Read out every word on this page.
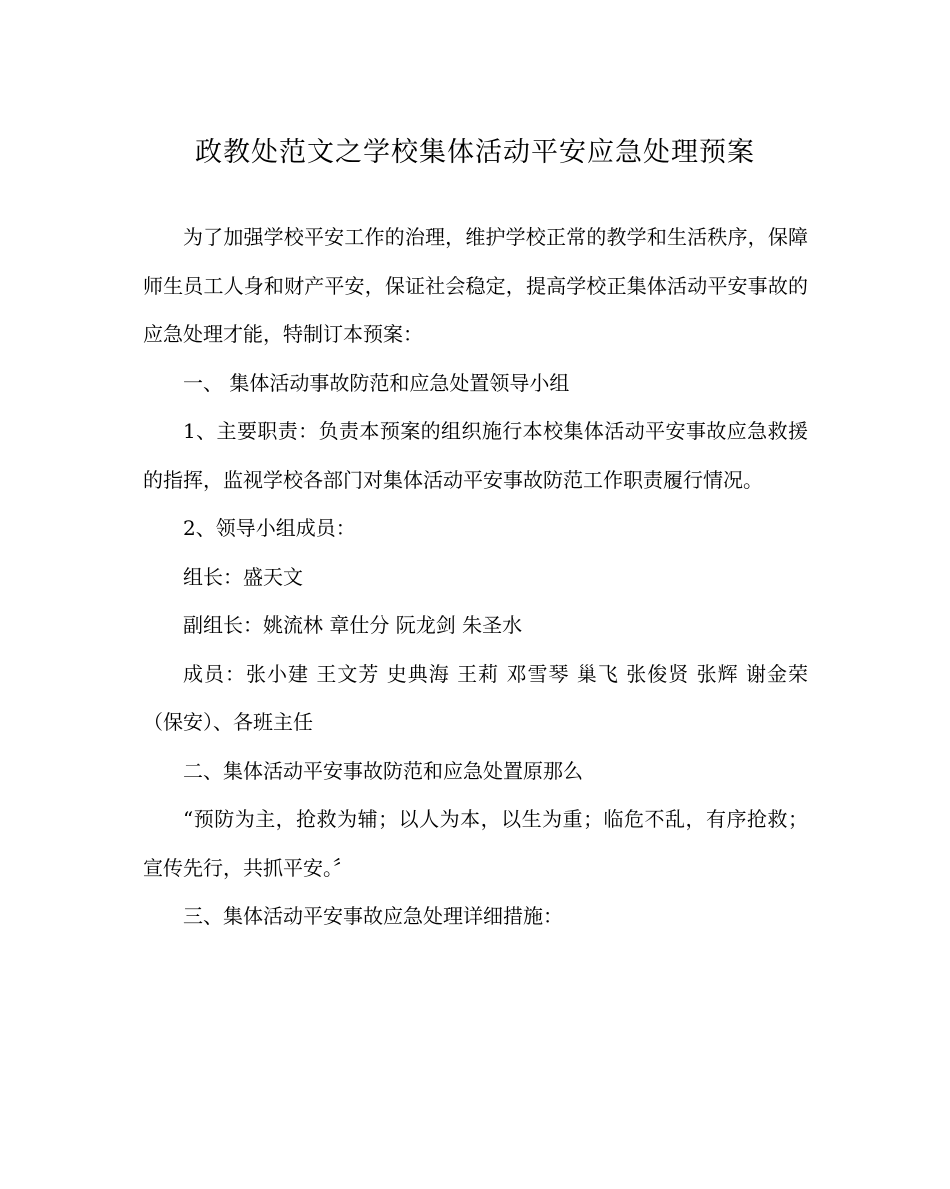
政教处范文之学校集体活动平安应急处理预案

为了加强学校平安工作的治理，维护学校正常的教学和生活秩序，保障师生员工人身和财产平安，保证社会稳定，提高学校正集体活动平安事故的应急处理才能，特制订本预案：

一、 集体活动事故防范和应急处置领导小组

1、主要职责：负责本预案的组织施行本校集体活动平安事故应急救援的指挥，监视学校各部门对集体活动平安事故防范工作职责履行情况。

2、领导小组成员：

组长：盛天文

副组长：姚流林 章仕分 阮龙剑 朱圣水

成员：张小建 王文芳 史典海 王莉 邓雪琴 巢飞 张俊贤 张辉 谢金荣（保安）、各班主任

二、集体活动平安事故防范和应急处置原那么

“预防为主，抢救为辅；以人为本，以生为重；临危不乱，有序抢救；宣传先行，共抓平安。〞

三、集体活动平安事故应急处理详细措施：
